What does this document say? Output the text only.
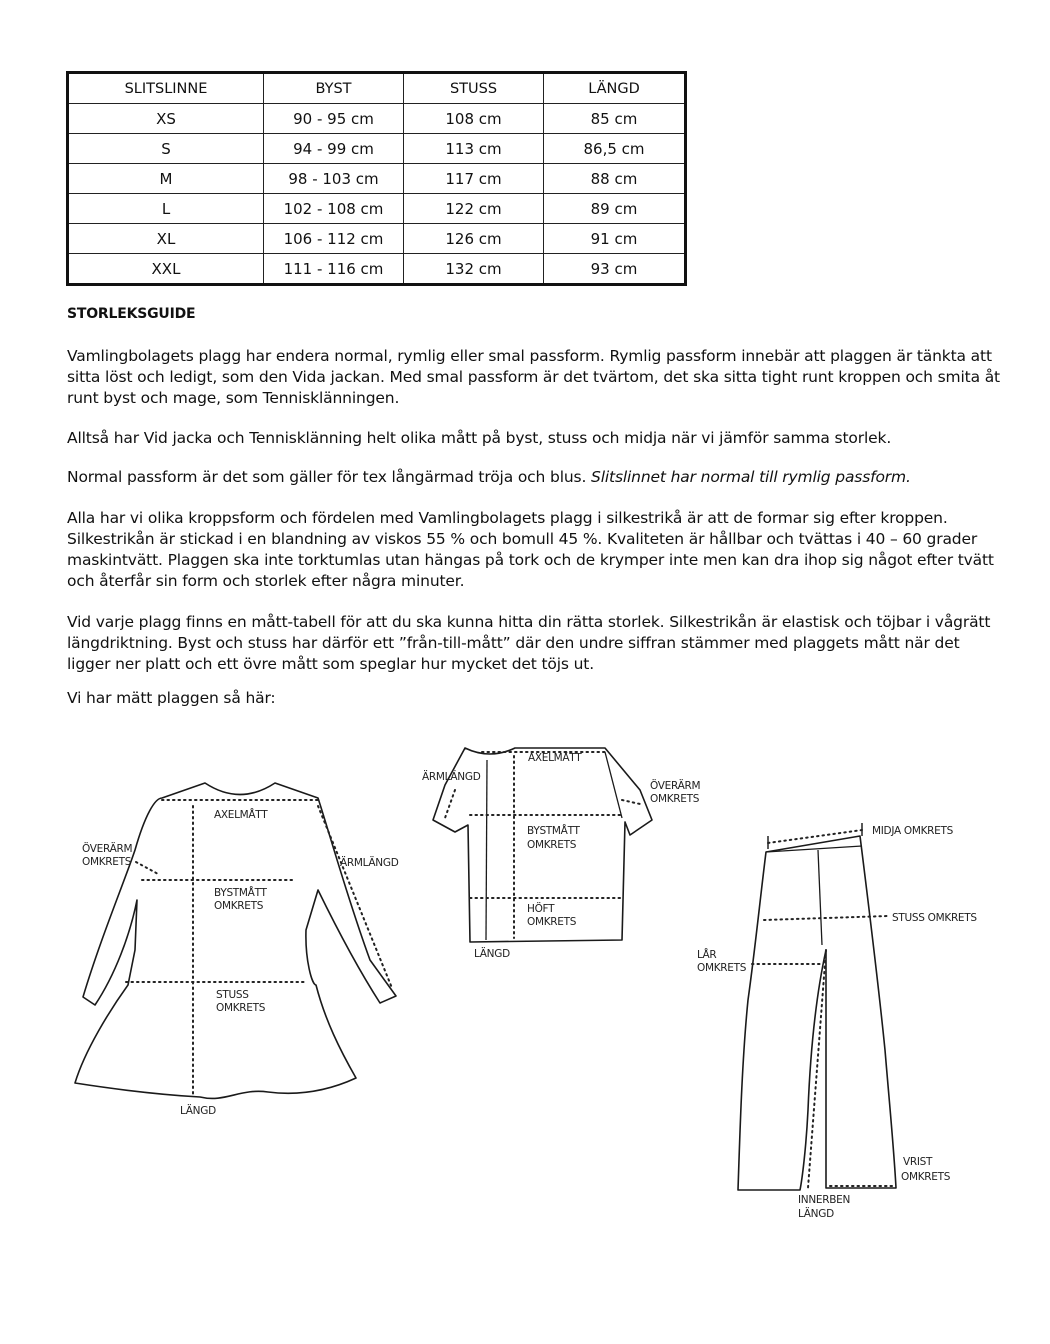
SLITSLINNE	BYST	STUSS	LÄNGD
XS	90 - 95 cm	108 cm	85 cm
S	94 - 99 cm	113 cm	86,5 cm
M	98 - 103 cm	117 cm	88 cm
L	102 - 108 cm	122 cm	89 cm
XL	106 - 112 cm	126 cm	91 cm
XXL	111 - 116 cm	132 cm	93 cm
STORLEKSGUIDE

Vamlingbolagets plagg har endera normal, rymlig eller smal passform. Rymlig passform innebär att plaggen är tänkta att sitta löst och ledigt, som den Vida jackan. Med smal passform är det tvärtom, det ska sitta tight runt kroppen och smita åt runt byst och mage, som Tennisklänningen.

Alltså har Vid jacka och Tennisklänning helt olika mått på byst, stuss och midja när vi jämför samma storlek.

Normal passform är det som gäller för tex långärmad tröja och blus. Slitslinnet har normal till rymlig passform.

Alla har vi olika kroppsform och fördelen med Vamlingbolagets plagg i silkestrikå är att de formar sig efter kroppen. Silkestrikån är stickad i en blandning av viskos 55 % och bomull 45 %. Kvaliteten är hållbar och tvättas i 40 – 60 grader maskintvätt. Plaggen ska inte torktumlas utan hängas på tork och de krymper inte men kan dra ihop sig något efter tvätt och återfår sin form och storlek efter några minuter.

Vid varje plagg finns en mått-tabell för att du ska kunna hitta din rätta storlek. Silkestrikån är elastisk och töjbar i vågrätt längdriktning. Byst och stuss har därför ett ”från-till-mått” där den undre siffran stämmer med plaggets mått när det ligger ner platt och ett övre mått som speglar hur mycket det töjs ut.

Vi har mätt plaggen så här:

AXELMÅTT
ÖVERÄRM
OMKRETS	ÄRMLÄNGD
BYSTMÅTT
OMKRETS
STUSS
OMKRETS
LÄNGD
AXELMÅTT
ÄRMLÄNGD
ÖVERÄRM
OMKRETS
BYSTMÅTT
OMKRETS
HÖFT
OMKRETS
LÄNGD
MIDJA OMKRETS
STUSS OMKRETS
LÅR
OMKRETS
VRIST
OMKRETS
INNERBEN
LÄNGD
